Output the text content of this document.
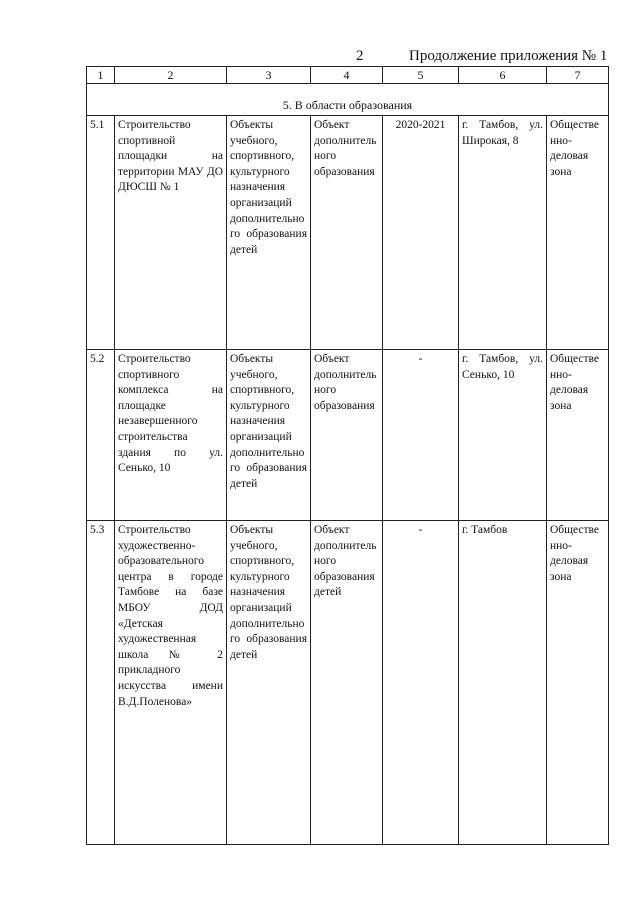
2	Продолжение приложения № 1
1	2	3	4	5	6	7
5. В области образования						
5.1	Строительство спортивной площадки на территории МАУ ДО ДЮСШ № 1	Объекты учебного, спортивного, культурного назначения организаций дополнительного образования детей	Объект дополнительного образования	2020-2021	г. Тамбов, ул. Широкая, 8	Общественно-деловая зона
5.2	Строительство спортивного комплекса на площадке незавершенного строительства здания по ул. Сенько, 10	Объекты учебного, спортивного, культурного назначения организаций дополнительного образования детей	Объект дополнительного образования	-	г. Тамбов, ул. Сенько, 10	Общественно-деловая зона
5.3	Строительство художественно-образовательного центра в городе Тамбове на базе МБОУ ДОД «Детская художественная школа № 2 прикладного искусства имени В.Д.Поленова»	Объекты учебного, спортивного, культурного назначения организаций дополнительного образования детей	Объект дополнительного образования детей	-	г. Тамбов	Общественно-деловая зона
